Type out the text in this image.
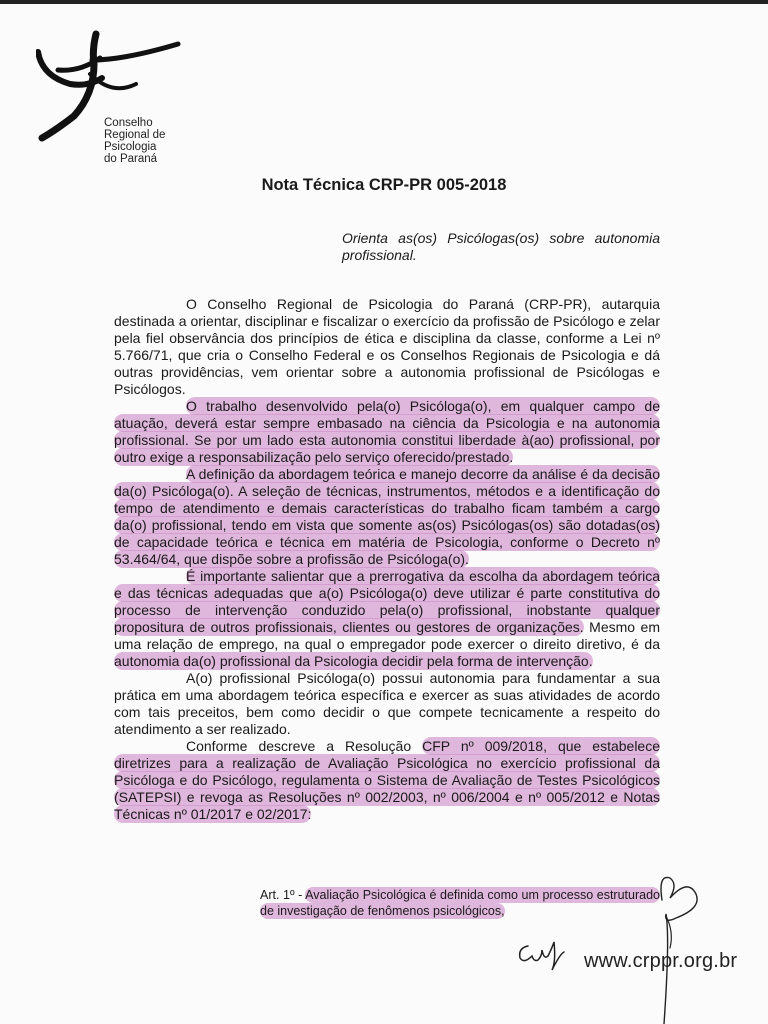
Conselho
Regional de
Psicologia
do Paraná
Nota Técnica CRP-PR 005-2018
Orienta as(os) Psicólogas(os) sobre autonomia profissional.

O Conselho Regional de Psicologia do Paraná (CRP-PR), autarquia destinada a orientar, disciplinar e fiscalizar o exercício da profissão de Psicólogo e zelar pela fiel observância dos princípios de ética e disciplina da classe, conforme a Lei nº 5.766/71, que cria o Conselho Federal e os Conselhos Regionais de Psicologia e dá outras providências, vem orientar sobre a autonomia profissional de Psicólogas e Psicólogos.

O trabalho desenvolvido pela(o) Psicóloga(o), em qualquer campo de atuação, deverá estar sempre embasado na ciência da Psicologia e na autonomia profissional. Se por um lado esta autonomia constitui liberdade à(ao) profissional, por outro exige a responsabilização pelo serviço oferecido/prestado.

A definição da abordagem teórica e manejo decorre da análise é da decisão da(o) Psicóloga(o). A seleção de técnicas, instrumentos, métodos e a identificação do tempo de atendimento e demais características do trabalho ficam também a cargo da(o) profissional, tendo em vista que somente as(os) Psicólogas(os) são dotadas(os) de capacidade teórica e técnica em matéria de Psicologia, conforme o Decreto nº 53.464/64, que dispõe sobre a profissão de Psicóloga(o).

É importante salientar que a prerrogativa da escolha da abordagem teórica e das técnicas adequadas que a(o) Psicóloga(o) deve utilizar é parte constitutiva do processo de intervenção conduzido pela(o) profissional, inobstante qualquer propositura de outros profissionais, clientes ou gestores de organizações. Mesmo em uma relação de emprego, na qual o empregador pode exercer o direito diretivo, é da autonomia da(o) profissional da Psicologia decidir pela forma de intervenção.

A(o) profissional Psicóloga(o) possui autonomia para fundamentar a sua prática em uma abordagem teórica específica e exercer as suas atividades de acordo com tais preceitos, bem como decidir o que compete tecnicamente a respeito do atendimento a ser realizado.

Conforme descreve a Resolução CFP nº 009/2018, que estabelece diretrizes para a realização de Avaliação Psicológica no exercício profissional da Psicóloga e do Psicólogo, regulamenta o Sistema de Avaliação de Testes Psicológicos (SATEPSI) e revoga as Resoluções nº 002/2003, nº 006/2004 e nº 005/2012 e Notas Técnicas nº 01/2017 e 02/2017:

Art. 1º - Avaliação Psicológica é definida como um processo estruturado de investigação de fenômenos psicológicos,
www.crppr.org.br
